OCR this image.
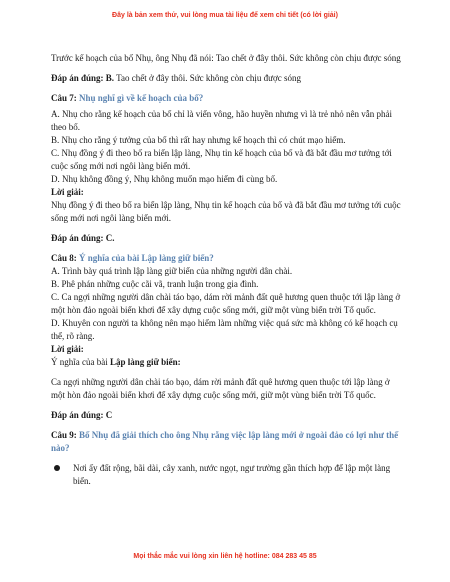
Đây là bản xem thử, vui lòng mua tài liệu để xem chi tiết (có lời giải)

Trước kế hoạch của bố Nhụ, ông Nhụ đã nói: Tao chết ở đây thôi. Sức không còn chịu được sóng

Đáp án đúng: B. Tao chết ở đây thôi. Sức không còn chịu được sóng

Câu 7: Nhụ nghĩ gì về kế hoạch của bố?

A. Nhụ cho rằng kế hoạch của bố chỉ là viển vông, hão huyền nhưng vì là trẻ nhỏ nên vẫn phải theo bố.

B. Nhụ cho rằng ý tưởng của bố thì rất hay nhưng kế hoạch thì có chút mạo hiểm.

C. Nhụ đồng ý đi theo bố ra biển lập làng, Nhụ tin kế hoạch của bố và đã bắt đầu mơ tưởng tới cuộc sống mới nơi ngôi làng biển mới.

D. Nhụ không đồng ý, Nhụ không muốn mạo hiểm đi cùng bố.

Lời giải:

Nhụ đồng ý đi theo bố ra biển lập làng, Nhụ tin kế hoạch của bố và đã bắt đầu mơ tưởng tới cuộc sống mới nơi ngôi làng biển mới.

Đáp án đúng: C.

Câu 8: Ý nghĩa của bài Lập làng giữ biển?

A. Trình bày quá trình lập làng giữ biển của những người dân chài.

B. Phê phán những cuộc cãi vã, tranh luận trong gia đình.

C. Ca ngợi những người dân chài táo bạo, dám rời mảnh đất quê hương quen thuộc tới lập làng ở một hòn đảo ngoài biển khơi để xây dựng cuộc sống mới, giữ một vùng biển trời Tổ quốc.

D. Khuyên con người ta không nên mạo hiểm làm những việc quá sức mà không có kế hoạch cụ thể, rõ ràng.

Lời giải:

Ý nghĩa của bài Lập làng giữ biển:

Ca ngợi những người dân chài táo bạo, dám rời mảnh đất quê hương quen thuộc tới lập làng ở một hòn đảo ngoài biển khơi để xây dựng cuộc sống mới, giữ một vùng biển trời Tổ quốc.

Đáp án đúng: C

Câu 9: Bố Nhụ đã giải thích cho ông Nhụ rằng việc lập làng mới ở ngoài đảo có lợi như thế nào?

Nơi ấy đất rộng, bãi dài, cây xanh, nước ngọt, ngư trường gần thích hợp để lập một làng biển.
Mọi thắc mắc vui lòng xin liên hệ hotline: 084 283 45 85
